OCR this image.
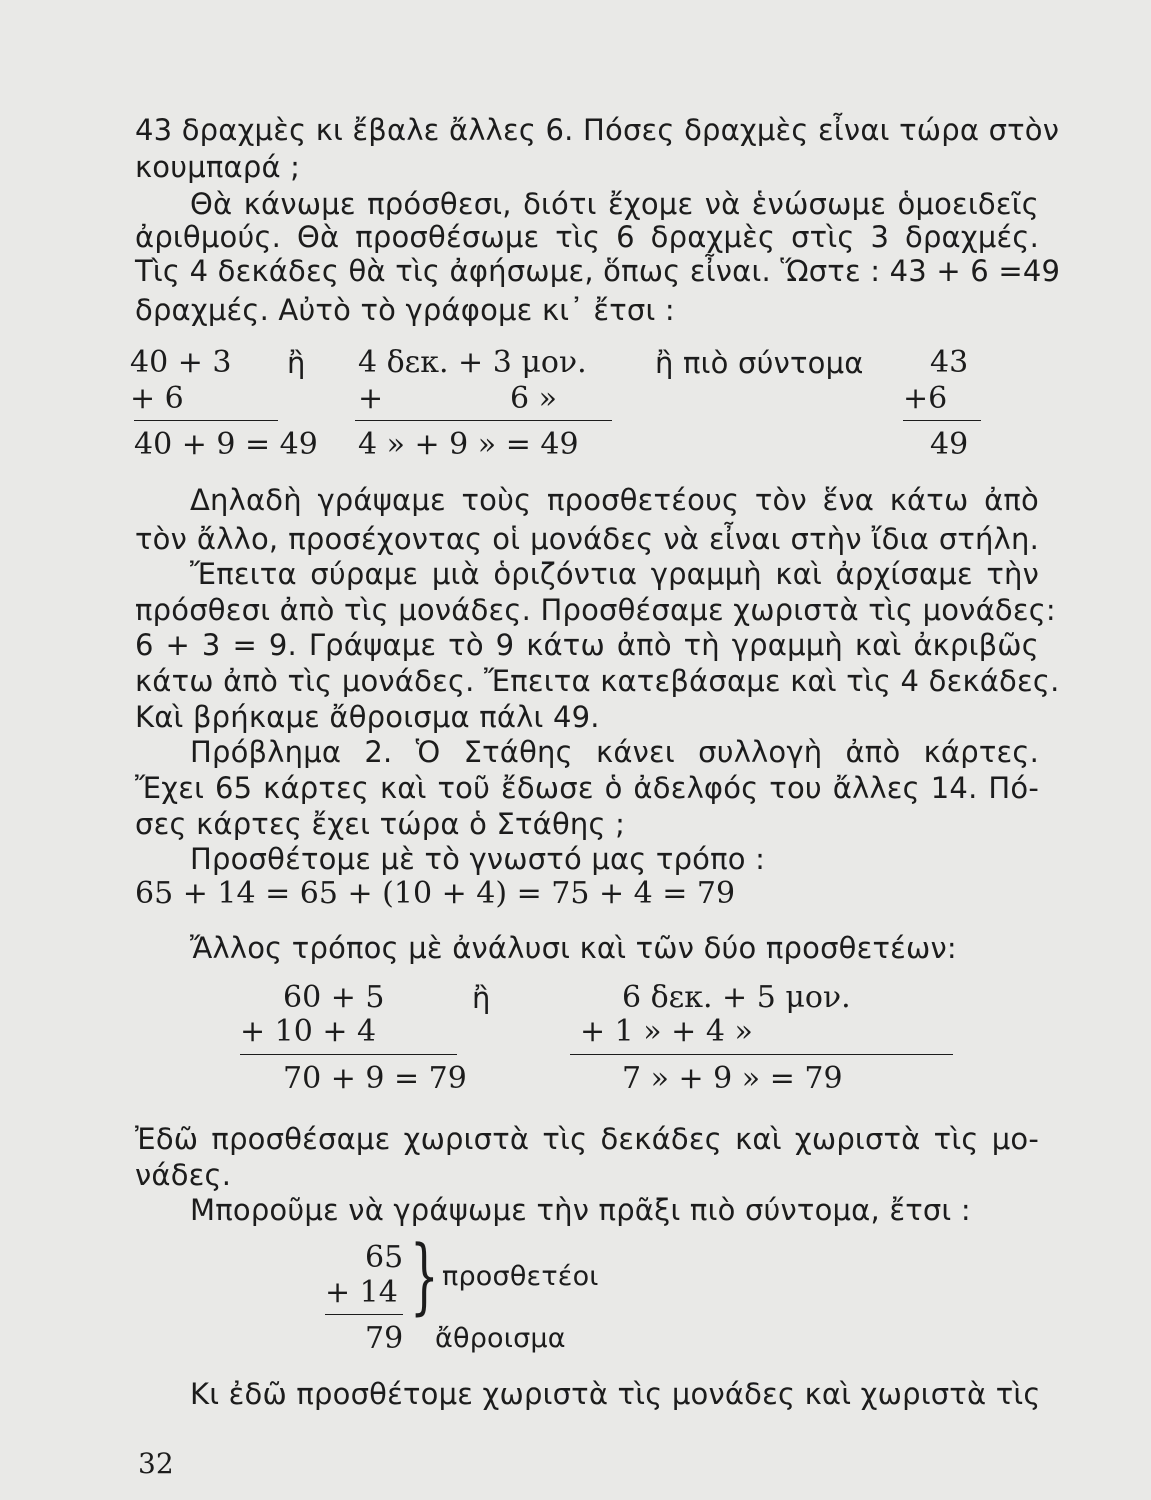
43 δραχμὲς κι ἔβαλε ἄλλες 6. Πόσες δραχμὲς εἶναι τώρα στὸν
κουμπαρά ;
Θὰ κάνωμε πρόσθεσι, διότι ἔχομε νὰ ἑνώσωμε ὁμοειδεῖς
ἀριθμούς. Θὰ προσθέσωμε τὶς 6 δραχμὲς στὶς 3 δραχμές.
Τὶς 4 δεκάδες θὰ τὶς ἀφήσωμε, ὅπως εἶναι. Ὥστε : 43 + 6 =49
δραχμές. Αὐτὸ τὸ γράφομε κι᾽ ἔτσι :
40 + 3
+ 6
40 + 9 = 49
ἢ 4 δεκ. + 3 μον.
+	6 »
4 » + 9 » = 49
ἢ πιὸ σύντομα 43
+6
49
Δηλαδὴ γράψαμε τοὺς προσθετέους τὸν ἕνα κάτω ἀπὸ
τὸν ἄλλο, προσέχοντας οἱ μονάδες νὰ εἶναι στὴν ἴδια στήλη.
Ἔπειτα σύραμε μιὰ ὁριζόντια γραμμὴ καὶ ἀρχίσαμε τὴν
πρόσθεσι ἀπὸ τὶς μονάδες. Προσθέσαμε χωριστὰ τὶς μονάδες:
6 + 3 = 9. Γράψαμε τὸ 9 κάτω ἀπὸ τὴ γραμμὴ καὶ ἀκριβῶς
κάτω ἀπὸ τὶς μονάδες. Ἔπειτα κατεβάσαμε καὶ τὶς 4 δεκάδες.
Καὶ βρήκαμε ἄθροισμα πάλι 49.
Πρόβλημα 2. Ὁ Στάθης κάνει συλλογὴ ἀπὸ κάρτες.
Ἔχει 65 κάρτες καὶ τοῦ ἔδωσε ὁ ἀδελφός του ἄλλες 14. Πό-
σες κάρτες ἔχει τώρα ὁ Στάθης ;
Προσθέτομε μὲ τὸ γνωστό μας τρόπο :
65 + 14 = 65 + (10 + 4) = 75 + 4 = 79
Ἄλλος τρόπος μὲ ἀνάλυσι καὶ τῶν δύο προσθετέων:
60 + 5
+ 10 + 4
70 + 9 = 79
ἢ	6 δεκ. + 5 μον.
+ 1 » + 4 »
7 » + 9 » = 79
Ἐδῶ προσθέσαμε χωριστὰ τὶς δεκάδες καὶ χωριστὰ τὶς μο-
νάδες.
Μποροῦμε νὰ γράψωμε τὴν πρᾶξι πιὸ σύντομα, ἔτσι :
65
+ 14
79
} προσθετέοι
ἄθροισμα
Κι ἐδῶ προσθέτομε χωριστὰ τὶς μονάδες καὶ χωριστὰ τὶς
32
